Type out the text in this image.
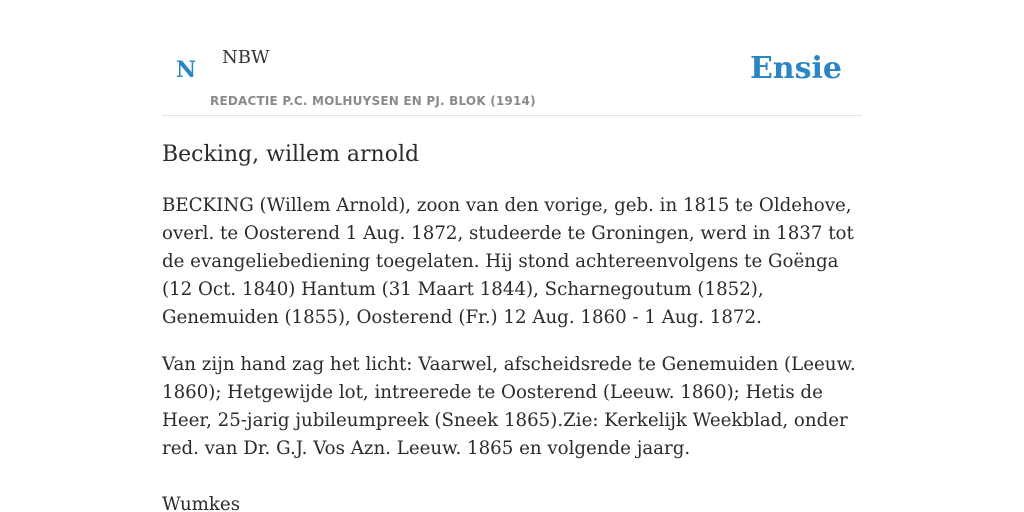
N NBW
REDACTIE P.C. MOLHUYSEN EN PJ. BLOK (1914)
Ensie
Becking, willem arnold

BECKING (Willem Arnold), zoon van den vorige, geb. in 1815 te Oldehove, overl. te Oosterend 1 Aug. 1872, studeerde te Groningen, werd in 1837 tot de evangeliebediening toegelaten. Hij stond achtereenvolgens te Goënga (12 Oct. 1840) Hantum (31 Maart 1844), Scharnegoutum (1852), Genemuiden (1855), Oosterend (Fr.) 12 Aug. 1860 - 1 Aug. 1872.

Van zijn hand zag het licht: Vaarwel, afscheidsrede te Genemuiden (Leeuw. 1860); Hetgewijde lot, intreerede te Oosterend (Leeuw. 1860); Hetis de Heer, 25-jarig jubileumpreek (Sneek 1865).Zie: Kerkelijk Weekblad, onder red. van Dr. G.J. Vos Azn. Leeuw. 1865 en volgende jaarg.

Wumkes
